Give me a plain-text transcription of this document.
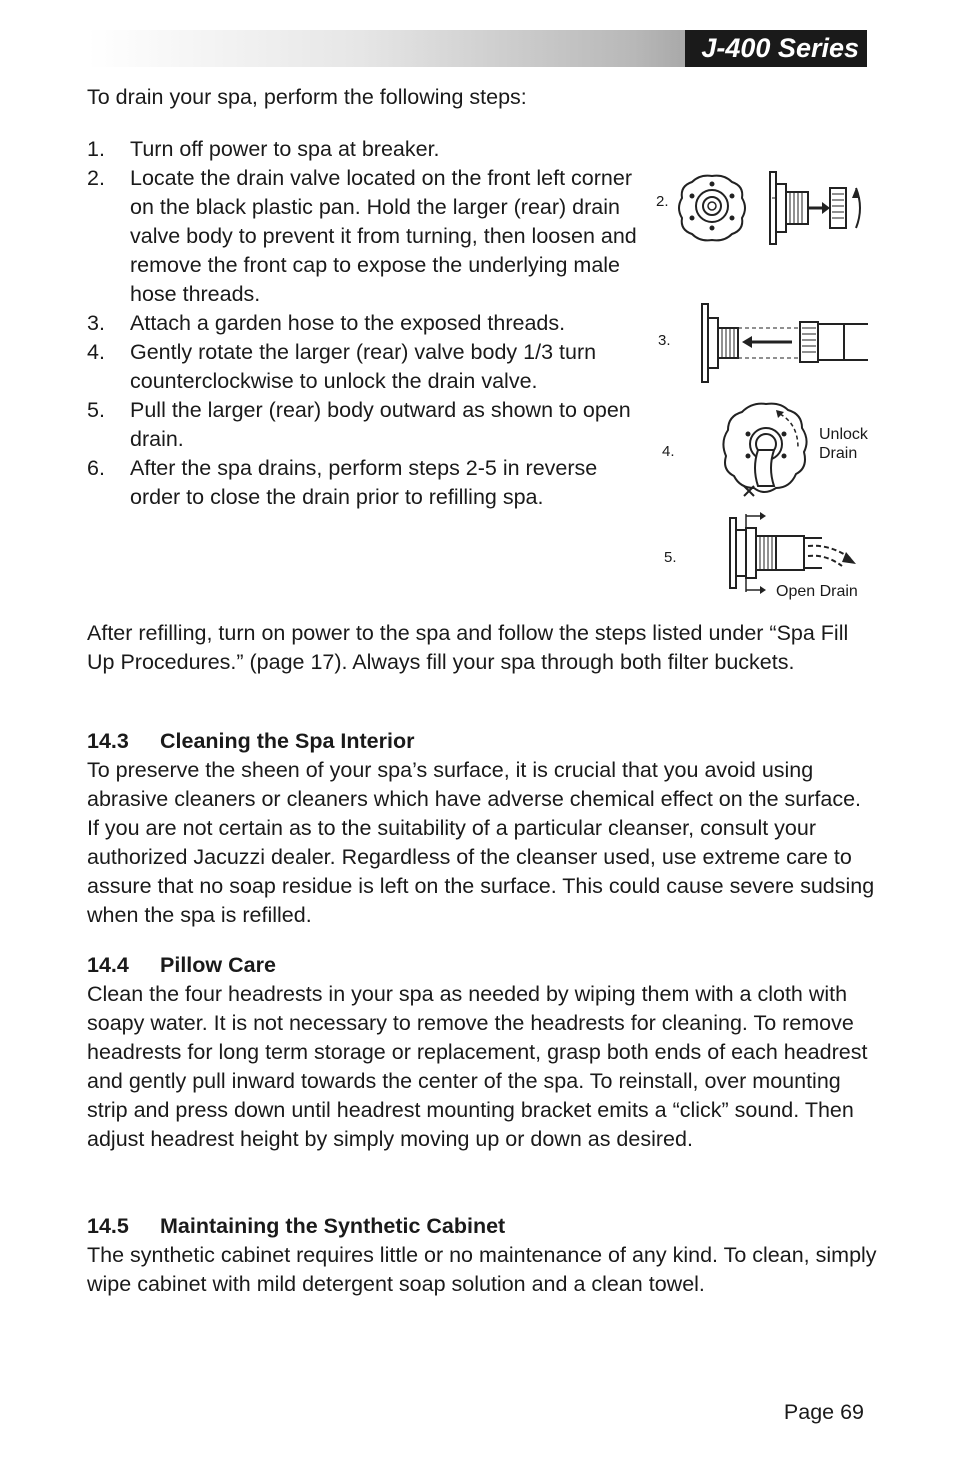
J-400 Series

To drain your spa, perform the following steps:

1. Turn off power to spa at breaker.
2. Locate the drain valve located on the front left corner on the black plastic pan. Hold the larger (rear) drain valve body to prevent it from turning, then loosen and remove the front cap to expose the underlying male hose threads.
3. Attach a garden hose to the exposed threads.
4. Gently rotate the larger (rear) valve body 1/3 turn counterclockwise to unlock the drain valve.
5. Pull the larger (rear) body outward as shown to open drain.
6. After the spa drains, perform steps 2-5 in reverse order to close the drain prior to refilling spa.
2.
3.
4.
Unlock
Drain
5.
Open Drain

After refilling, turn on power to the spa and follow the steps listed under “Spa Fill Up Procedures.” (page 17). Always fill your spa through both filter buckets.

14.3 Cleaning the Spa Interior

To preserve the sheen of your spa’s surface, it is crucial that you avoid using abrasive cleaners or cleaners which have adverse chemical effect on the surface. If you are not certain as to the suitability of a particular cleanser, consult your authorized Jacuzzi dealer. Regardless of the cleanser used, use extreme care to assure that no soap residue is left on the surface. This could cause severe sudsing when the spa is refilled.

14.4 Pillow Care

Clean the four headrests in your spa as needed by wiping them with a cloth with soapy water. It is not necessary to remove the headrests for cleaning. To remove headrests for long term storage or replacement, grasp both ends of each headrest and gently pull inward towards the center of the spa. To reinstall, over mounting strip and press down until headrest mounting bracket emits a “click” sound. Then adjust headrest height by simply moving up or down as desired.

14.5 Maintaining the Synthetic Cabinet

The synthetic cabinet requires little or no maintenance of any kind. To clean, simply wipe cabinet with mild detergent soap solution and a clean towel.

Page 69
